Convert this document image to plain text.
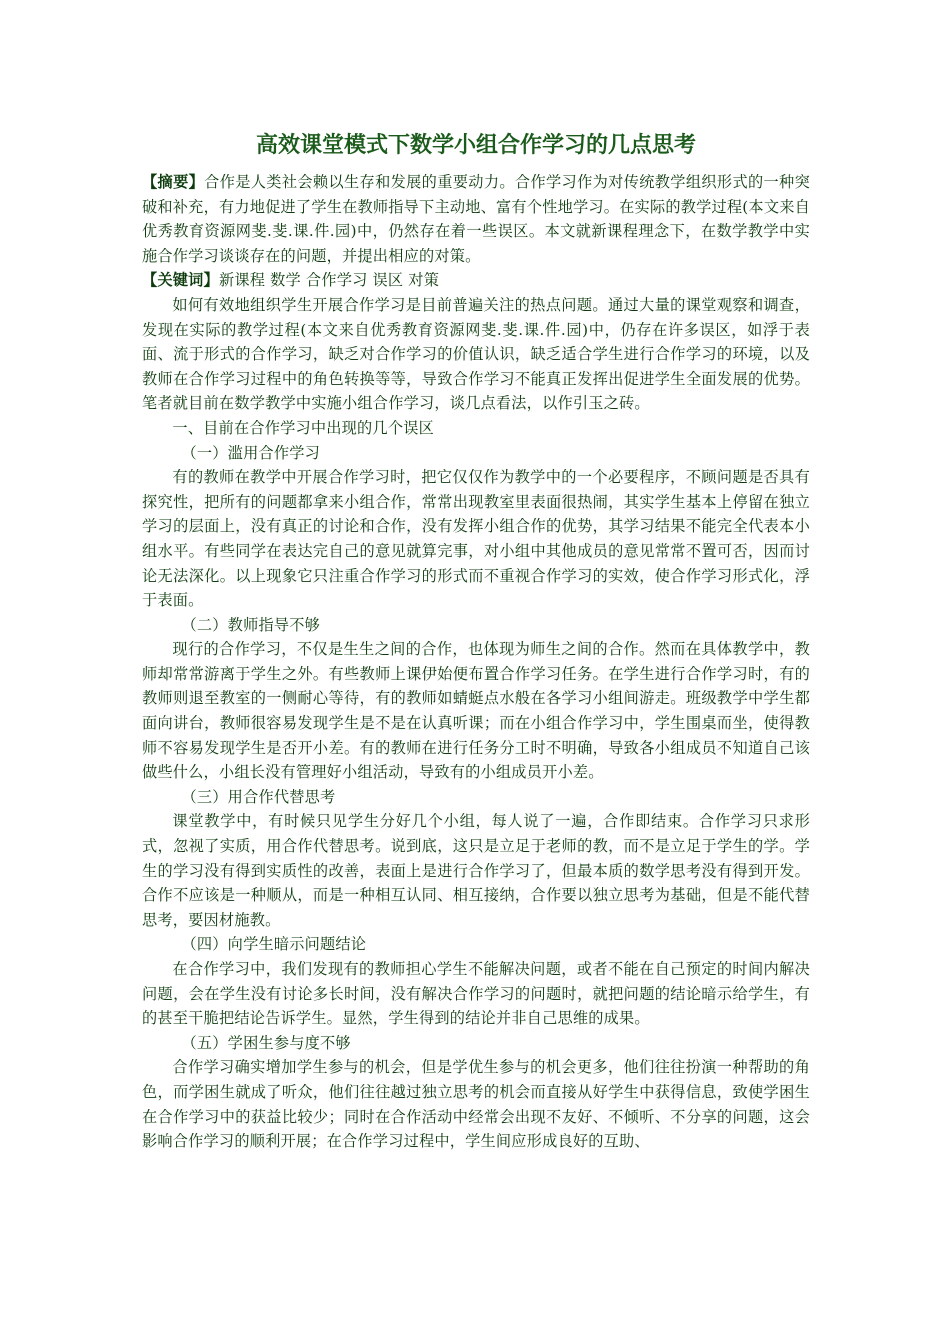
高效课堂模式下数学小组合作学习的几点思考

【摘要】合作是人类社会赖以生存和发展的重要动力。合作学习作为对传统教学组织形式的一种突破和补充，有力地促进了学生在教师指导下主动地、富有个性地学习。在实际的教学过程(本文来自优秀教育资源网斐.斐.课.件.园)中，仍然存在着一些误区。本文就新课程理念下，在数学教学中实施合作学习谈谈存在的问题，并提出相应的对策。

【关键词】新课程 数学 合作学习 误区 对策

如何有效地组织学生开展合作学习是目前普遍关注的热点问题。通过大量的课堂观察和调查，发现在实际的教学过程(本文来自优秀教育资源网斐.斐.课.件.园)中，仍存在许多误区，如浮于表面、流于形式的合作学习，缺乏对合作学习的价值认识，缺乏适合学生进行合作学习的环境，以及教师在合作学习过程中的角色转换等等，导致合作学习不能真正发挥出促进学生全面发展的优势。笔者就目前在数学教学中实施小组合作学习，谈几点看法，以作引玉之砖。

一、目前在合作学习中出现的几个误区

（一）滥用合作学习

有的教师在教学中开展合作学习时，把它仅仅作为教学中的一个必要程序，不顾问题是否具有探究性，把所有的问题都拿来小组合作，常常出现教室里表面很热闹，其实学生基本上停留在独立学习的层面上，没有真正的讨论和合作，没有发挥小组合作的优势，其学习结果不能完全代表本小组水平。有些同学在表达完自己的意见就算完事，对小组中其他成员的意见常常不置可否，因而讨论无法深化。以上现象它只注重合作学习的形式而不重视合作学习的实效，使合作学习形式化，浮于表面。

（二）教师指导不够

现行的合作学习，不仅是生生之间的合作，也体现为师生之间的合作。然而在具体教学中，教师却常常游离于学生之外。有些教师上课伊始便布置合作学习任务。在学生进行合作学习时，有的教师则退至教室的一侧耐心等待，有的教师如蜻蜓点水般在各学习小组间游走。班级教学中学生都面向讲台，教师很容易发现学生是不是在认真听课；而在小组合作学习中，学生围桌而坐，使得教师不容易发现学生是否开小差。有的教师在进行任务分工时不明确，导致各小组成员不知道自己该做些什么，小组长没有管理好小组活动，导致有的小组成员开小差。

（三）用合作代替思考

课堂教学中，有时候只见学生分好几个小组，每人说了一遍，合作即结束。合作学习只求形式，忽视了实质，用合作代替思考。说到底，这只是立足于老师的教，而不是立足于学生的学。学生的学习没有得到实质性的改善，表面上是进行合作学习了，但最本质的数学思考没有得到开发。合作不应该是一种顺从，而是一种相互认同、相互接纳，合作要以独立思考为基础，但是不能代替思考，要因材施教。

（四）向学生暗示问题结论

在合作学习中，我们发现有的教师担心学生不能解决问题，或者不能在自己预定的时间内解决问题，会在学生没有讨论多长时间，没有解决合作学习的问题时，就把问题的结论暗示给学生，有的甚至干脆把结论告诉学生。显然，学生得到的结论并非自己思维的成果。

（五）学困生参与度不够

合作学习确实增加学生参与的机会，但是学优生参与的机会更多，他们往往扮演一种帮助的角色，而学困生就成了听众，他们往往越过独立思考的机会而直接从好学生中获得信息，致使学困生在合作学习中的获益比较少；同时在合作活动中经常会出现不友好、不倾听、不分享的问题，这会影响合作学习的顺利开展；在合作学习过程中，学生间应形成良好的互助、
